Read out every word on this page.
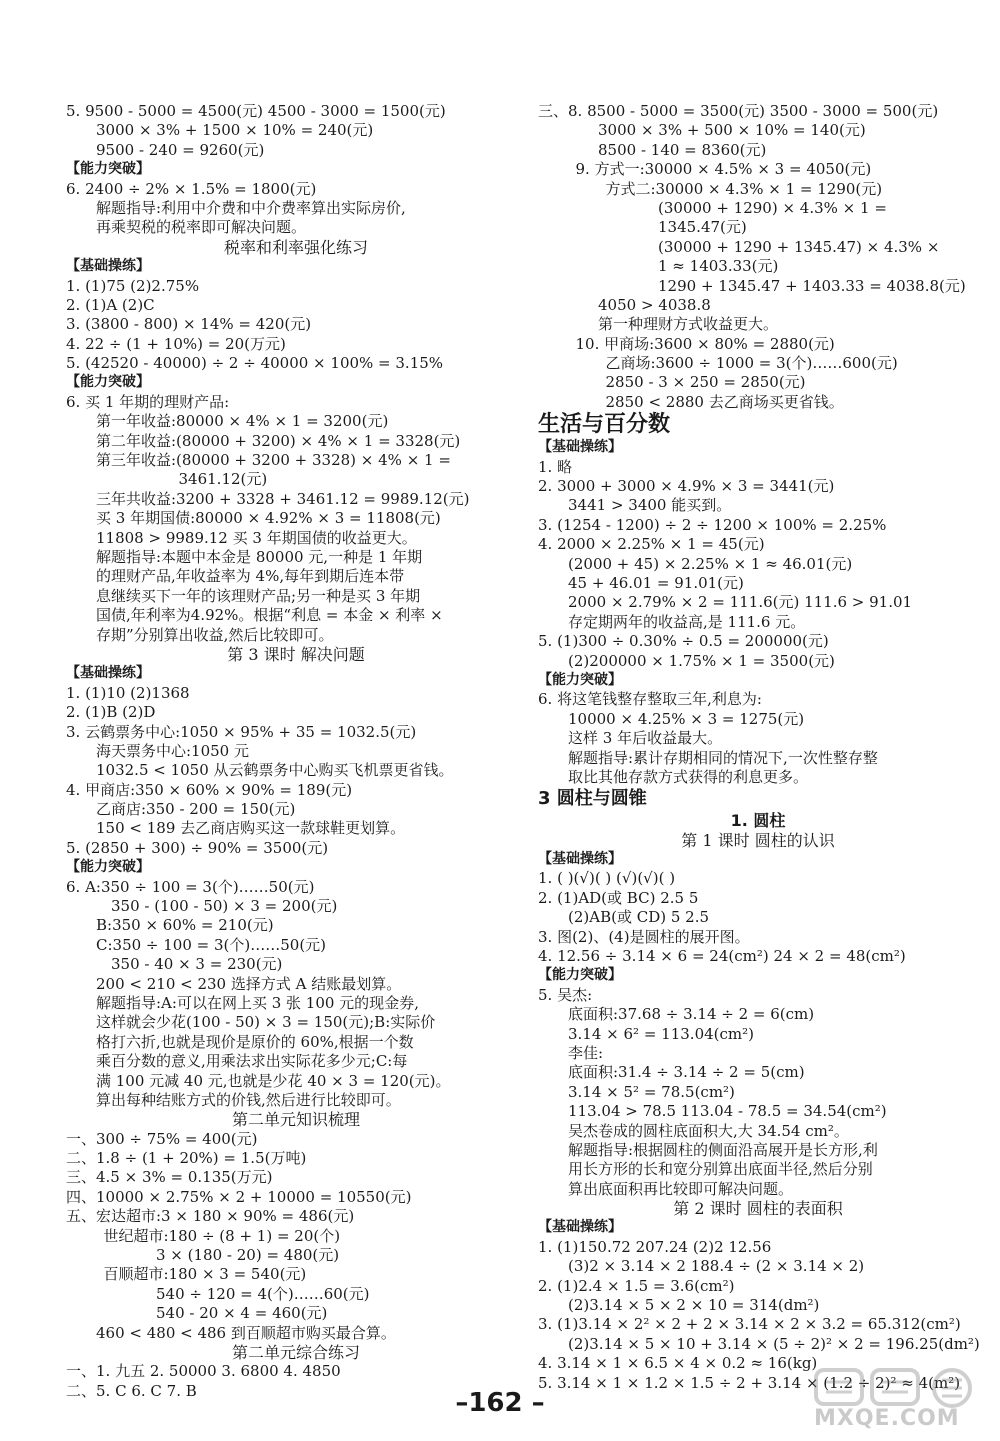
5. 9500 - 5000 = 4500(元) 4500 - 3000 = 1500(元)
3000 × 3% + 1500 × 10% = 240(元)
9500 - 240 = 9260(元)
【能力突破】
6. 2400 ÷ 2% × 1.5% = 1800(元)
解题指导:利用中介费和中介费率算出实际房价,
再乘契税的税率即可解决问题。
税率和利率强化练习
【基础操练】
1. (1)75 (2)2.75%
2. (1)A (2)C
3. (3800 - 800) × 14% = 420(元)
4. 22 ÷ (1 + 10%) = 20(万元)
5. (42520 - 40000) ÷ 2 ÷ 40000 × 100% = 3.15%
【能力突破】
6. 买 1 年期的理财产品:
第一年收益:80000 × 4% × 1 = 3200(元)
第二年收益:(80000 + 3200) × 4% × 1 = 3328(元)
第三年收益:(80000 + 3200 + 3328) × 4% × 1 =
3461.12(元)
三年共收益:3200 + 3328 + 3461.12 = 9989.12(元)
买 3 年期国债:80000 × 4.92% × 3 = 11808(元)
11808 > 9989.12 买 3 年期国债的收益更大。
解题指导:本题中本金是 80000 元,一种是 1 年期
的理财产品,年收益率为 4%,每年到期后连本带
息继续买下一年的该理财产品;另一种是买 3 年期
国债,年利率为4.92%。根据“利息 = 本金 × 利率 ×
存期”分别算出收益,然后比较即可。
第 3 课时 解决问题
【基础操练】
1. (1)10 (2)1368
2. (1)B (2)D
3. 云鹤票务中心:1050 × 95% + 35 = 1032.5(元)
海天票务中心:1050 元
1032.5 < 1050 从云鹤票务中心购买飞机票更省钱。
4. 甲商店:350 × 60% × 90% = 189(元)
乙商店:350 - 200 = 150(元)
150 < 189 去乙商店购买这一款球鞋更划算。
5. (2850 + 300) ÷ 90% = 3500(元)
【能力突破】
6. A:350 ÷ 100 = 3(个)……50(元)
350 - (100 - 50) × 3 = 200(元)
B:350 × 60% = 210(元)
C:350 ÷ 100 = 3(个)……50(元)
350 - 40 × 3 = 230(元)
200 < 210 < 230 选择方式 A 结账最划算。
解题指导:A:可以在网上买 3 张 100 元的现金券,
这样就会少花(100 - 50) × 3 = 150(元);B:实际价
格打六折,也就是现价是原价的 60%,根据一个数
乘百分数的意义,用乘法求出实际花多少元;C:每
满 100 元减 40 元,也就是少花 40 × 3 = 120(元)。
算出每种结账方式的价钱,然后进行比较即可。
第二单元知识梳理
一、300 ÷ 75% = 400(元)
二、1.8 ÷ (1 + 20%) = 1.5(万吨)
三、4.5 × 3% = 0.135(万元)
四、10000 × 2.75% × 2 + 10000 = 10550(元)
五、宏达超市:3 × 180 × 90% = 486(元)
世纪超市:180 ÷ (8 + 1) = 20(个)
3 × (180 - 20) = 480(元)
百顺超市:180 × 3 = 540(元)
540 ÷ 120 = 4(个)……60(元)
540 - 20 × 4 = 460(元)
460 < 480 < 486 到百顺超市购买最合算。
第二单元综合练习
一、1. 九五 2. 50000 3. 6800 4. 4850
二、5. C 6. C 7. B
三、8. 8500 - 5000 = 3500(元) 3500 - 3000 = 500(元)
3000 × 3% + 500 × 10% = 140(元)
8500 - 140 = 8360(元)
9. 方式一:30000 × 4.5% × 3 = 4050(元)
方式二:30000 × 4.3% × 1 = 1290(元)
(30000 + 1290) × 4.3% × 1 =
1345.47(元)
(30000 + 1290 + 1345.47) × 4.3% ×
1 ≈ 1403.33(元)
1290 + 1345.47 + 1403.33 = 4038.8(元)
4050 > 4038.8
第一种理财方式收益更大。
10. 甲商场:3600 × 80% = 2880(元)
乙商场:3600 ÷ 1000 = 3(个)……600(元)
2850 - 3 × 250 = 2850(元)
2850 < 2880 去乙商场买更省钱。
生活与百分数
【基础操练】
1. 略
2. 3000 + 3000 × 4.9% × 3 = 3441(元)
3441 > 3400 能买到。
3. (1254 - 1200) ÷ 2 ÷ 1200 × 100% = 2.25%
4. 2000 × 2.25% × 1 = 45(元)
(2000 + 45) × 2.25% × 1 ≈ 46.01(元)
45 + 46.01 = 91.01(元)
2000 × 2.79% × 2 = 111.6(元) 111.6 > 91.01
存定期两年的收益高,是 111.6 元。
5. (1)300 ÷ 0.30% ÷ 0.5 = 200000(元)
(2)200000 × 1.75% × 1 = 3500(元)
【能力突破】
6. 将这笔钱整存整取三年,利息为:
10000 × 4.25% × 3 = 1275(元)
这样 3 年后收益最大。
解题指导:累计存期相同的情况下,一次性整存整
取比其他存款方式获得的利息更多。
3 圆柱与圆锥
1. 圆柱
第 1 课时 圆柱的认识
【基础操练】
1. ( )(√)( ) (√)(√)( )
2. (1)AD(或 BC) 2.5 5
(2)AB(或 CD) 5 2.5
3. 图(2)、(4)是圆柱的展开图。
4. 12.56 ÷ 3.14 × 6 = 24(cm²) 24 × 2 = 48(cm²)
【能力突破】
5. 吴杰:
底面积:37.68 ÷ 3.14 ÷ 2 = 6(cm)
3.14 × 6² = 113.04(cm²)
李佳:
底面积:31.4 ÷ 3.14 ÷ 2 = 5(cm)
3.14 × 5² = 78.5(cm²)
113.04 > 78.5 113.04 - 78.5 = 34.54(cm²)
吴杰卷成的圆柱底面积大,大 34.54 cm²。
解题指导:根据圆柱的侧面沿高展开是长方形,利
用长方形的长和宽分别算出底面半径,然后分别
算出底面积再比较即可解决问题。
第 2 课时 圆柱的表面积
【基础操练】
1. (1)150.72 207.24 (2)2 12.56
(3)2 × 3.14 × 2 188.4 ÷ (2 × 3.14 × 2)
2. (1)2.4 × 1.5 = 3.6(cm²)
(2)3.14 × 5 × 2 × 10 = 314(dm²)
3. (1)3.14 × 2² × 2 + 2 × 3.14 × 2 × 3.2 = 65.312(cm²)
(2)3.14 × 5 × 10 + 3.14 × (5 ÷ 2)² × 2 = 196.25(dm²)
4. 3.14 × 1 × 6.5 × 4 × 0.2 ≈ 16(kg)
5. 3.14 × 1 × 1.2 × 1.5 ÷ 2 + 3.14 × (1.2 ÷ 2)² ≈ 4(m²)
–162 –
MXQE.COM
